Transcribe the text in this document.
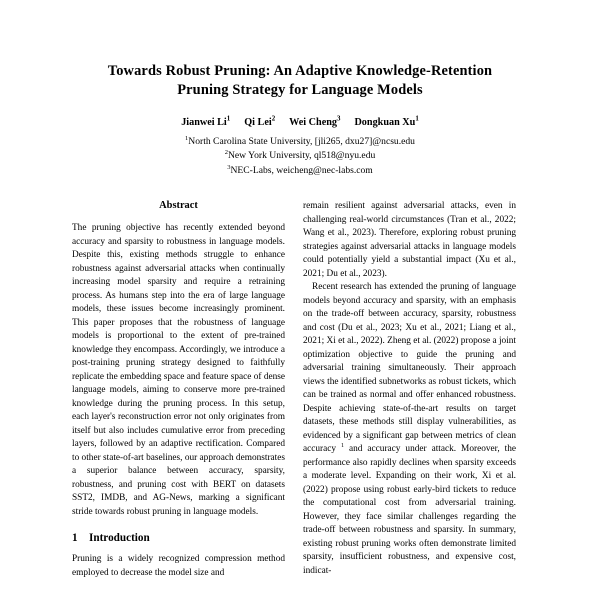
Towards Robust Pruning: An Adaptive Knowledge-Retention
Pruning Strategy for Language Models
Jianwei Li$^1$ Qi Lei$^2$ Wei Cheng$^3$ Dongkuan Xu$^1$
$^1$North Carolina State University, [jli265, dxu27]@ncsu.edu
$^2$New York University, ql518@nyu.edu
$^3$NEC-Labs, weicheng@nec-labs.com
Abstract

The pruning objective has recently extended beyond accuracy and sparsity to robustness in language models. Despite this, existing methods struggle to enhance robustness against adversarial attacks when continually increasing model sparsity and require a retraining process. As humans step into the era of large language models, these issues become increasingly prominent. This paper proposes that the robustness of language models is proportional to the extent of pre-trained knowledge they encompass. Accordingly, we introduce a post-training pruning strategy designed to faithfully replicate the embedding space and feature space of dense language models, aiming to conserve more pre-trained knowledge during the pruning process. In this setup, each layer's reconstruction error not only originates from itself but also includes cumulative error from preceding layers, followed by an adaptive rectification. Compared to other state-of-art baselines, our approach demonstrates a superior balance between accuracy, sparsity, robustness, and pruning cost with BERT on datasets SST2, IMDB, and AG-News, marking a significant stride towards robust pruning in language models.

1 Introduction

Pruning is a widely recognized compression method employed to decrease the model size and

remain resilient against adversarial attacks, even in challenging real-world circumstances (Tran et al., 2022; Wang et al., 2023). Therefore, exploring robust pruning strategies against adversarial attacks in language models could potentially yield a substantial impact (Xu et al., 2021; Du et al., 2023).

Recent research has extended the pruning of language models beyond accuracy and sparsity, with an emphasis on the trade-off between accuracy, sparsity, robustness and cost (Du et al., 2023; Xu et al., 2021; Liang et al., 2021; Xi et al., 2022). Zheng et al. (2022) propose a joint optimization objective to guide the pruning and adversarial training simultaneously. Their approach views the identified subnetworks as robust tickets, which can be trained as normal and offer enhanced robustness. Despite achieving state-of-the-art results on target datasets, these methods still display vulnerabilities, as evidenced by a significant gap between metrics of clean accuracy $^1$ and accuracy under attack. Moreover, the performance also rapidly declines when sparsity exceeds a moderate level. Expanding on their work, Xi et al. (2022) propose using robust early-bird tickets to reduce the computational cost from adversarial training. However, they face similar challenges regarding the trade-off between robustness and sparsity. In summary, existing robust pruning works often demonstrate limited sparsity, insufficient robustness, and expensive cost, indicat-
